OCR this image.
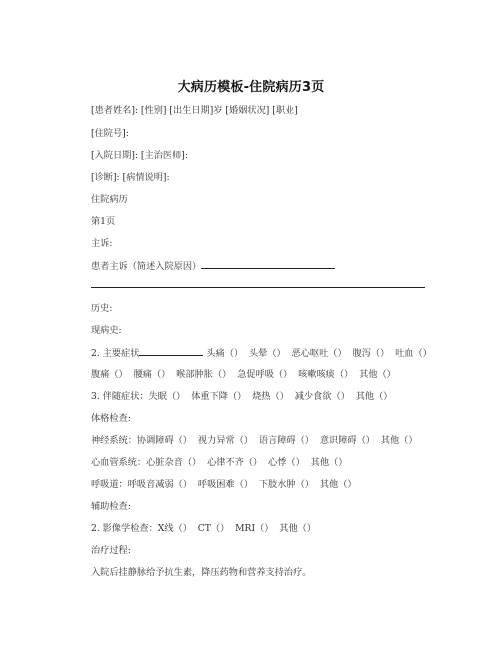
大病历模板-住院病历3页
[患者姓名]: [性别] [出生日期]岁 [婚姻状况] [职业]
[住院号]:
[入院日期]: [主治医师]:
[诊断]: [病情说明]:
住院病历
第1页
主诉:
患者主诉（简述入院原因）
历史:
现病史:
2. 主要症状	头痛（）  头晕（）  恶心呕吐（）  腹泻（）  吐血（）
腹痛（）  腰痛（）  喉部肿胀（）  急促呼吸（）  咳嗽咳痰（）  其他（）
3. 伴随症状：失眠（）  体重下降（）  烧热（）  减少食欲（）  其他（）
体格检查:
神经系统：协调障碍（）  视力异常（）  语言障碍（）  意识障碍（）  其他（）
心血管系统：心脏杂音（）  心律不齐（）  心悸（）  其他（）
呼吸道：呼吸音减弱（）  呼吸困难（）  下肢水肿（）  其他（）
辅助检查:
2. 影像学检查：X线（）  CT（）  MRI（）  其他（）
治疗过程:
入院后挂静脉给予抗生素，降压药物和营养支持治疗。
